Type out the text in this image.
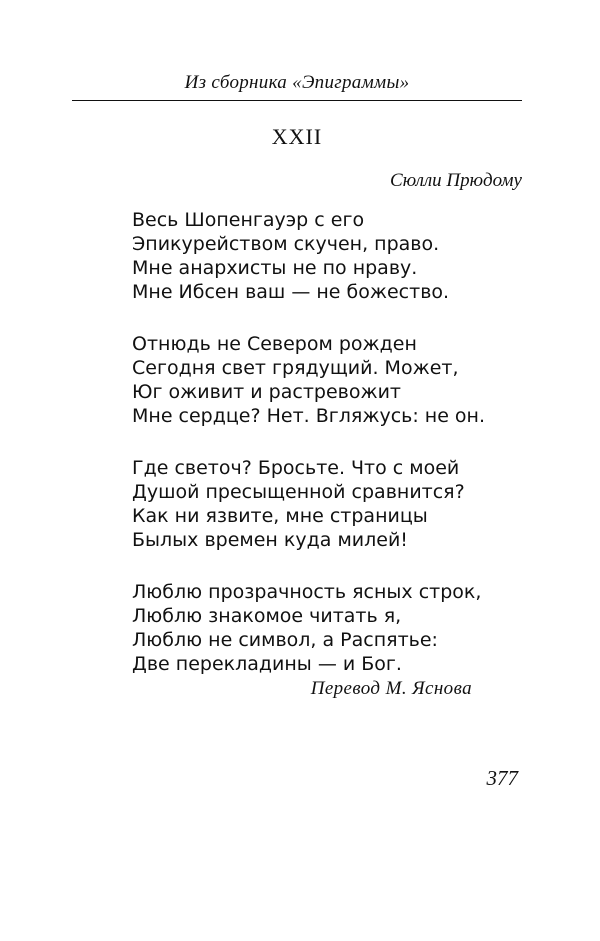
Из сборника «Эпиграммы»
XXII
Сюлли Прюдому
Весь Шопенгауэр с его
Эпикурейством скучен, право.
Мне анархисты не по нраву.
Мне Ибсен ваш — не божество.
Отнюдь не Севером рожден
Сегодня свет грядущий. Может,
Юг оживит и растревожит
Мне сердце? Нет. Вгляжусь: не он.
Где светоч? Бросьте. Что с моей
Душой пресыщенной сравнится?
Как ни язвите, мне страницы
Былых времен куда милей!
Люблю прозрачность ясных строк,
Люблю знакомое читать я,
Люблю не символ, а Распятье:
Две перекладины — и Бог.
Перевод М. Яснова
377
